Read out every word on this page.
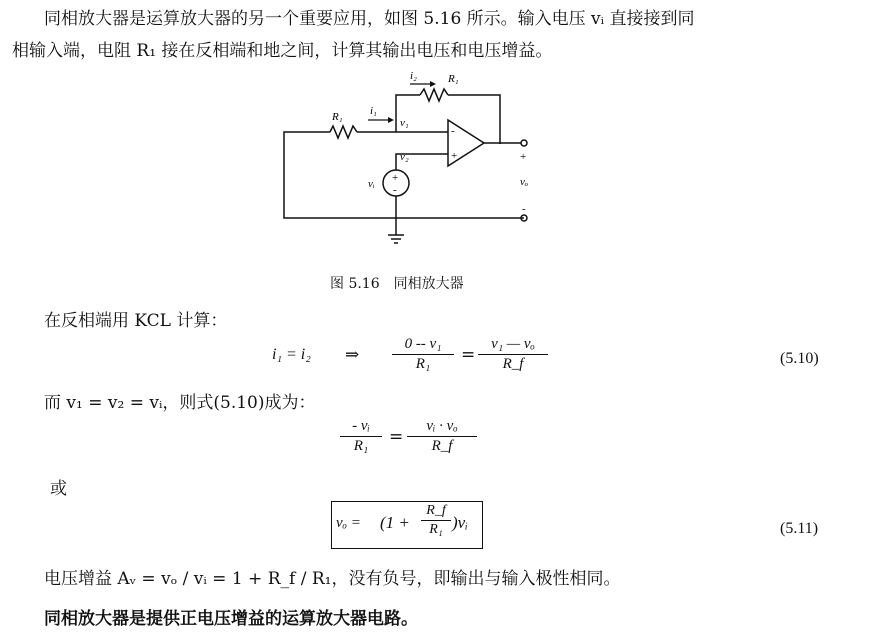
同相放大器是运算放大器的另一个重要应用，如图 5.16 所示。输入电压 vᵢ 直接接到同
相输入端，电阻 R₁ 接在反相端和地之间，计算其输出电压和电压增益。
i₂	R₁
R₁ i₁
v₁
v₂
vᵢ	vₒ
+
-
-
+
+
-
图 5.16　同相放大器
在反相端用 KCL 计算：
i₁ = i₂ ⇒
0 -- v₁
R₁	=
v₁ — vₒ
R_f	(5.10)
而 v₁ = v₂ = vᵢ，则式(5.10)成为：
- vᵢ
R₁	=
vᵢ · vₒ
R_f
或
vₒ = (1 +
R_f
R₁ )vᵢ	(5.11)
电压增益 Aᵥ = vₒ / vᵢ = 1 + R_f / R₁，没有负号，即输出与输入极性相同。
同相放大器是提供正电压增益的运算放大器电路。
